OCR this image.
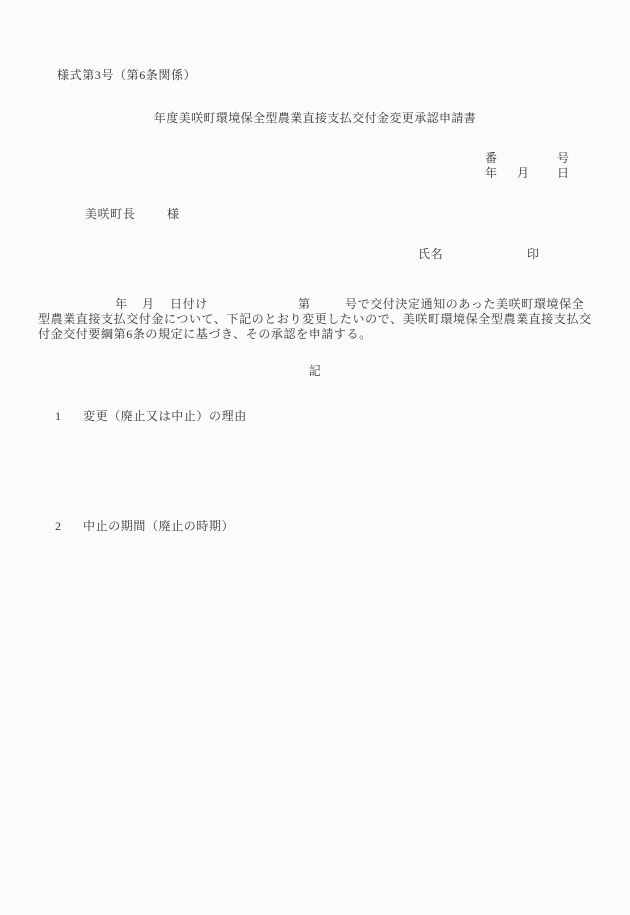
様式第3号（第6条関係）
年度美咲町環境保全型農業直接支払交付金変更承認申請書
番	号
年 月 日
美咲町長	様
氏名	印
年 月 日付け	第	号で交付決定通知のあった美咲町環境保全
型農業直接支払交付金について、下記のとおり変更したいので、美咲町環境保全型農業直接支払交
付金交付要綱第6条の規定に基づき、その承認を申請する。
記
1 変更（廃止又は中止）の理由
2 中止の期間（廃止の時期）
